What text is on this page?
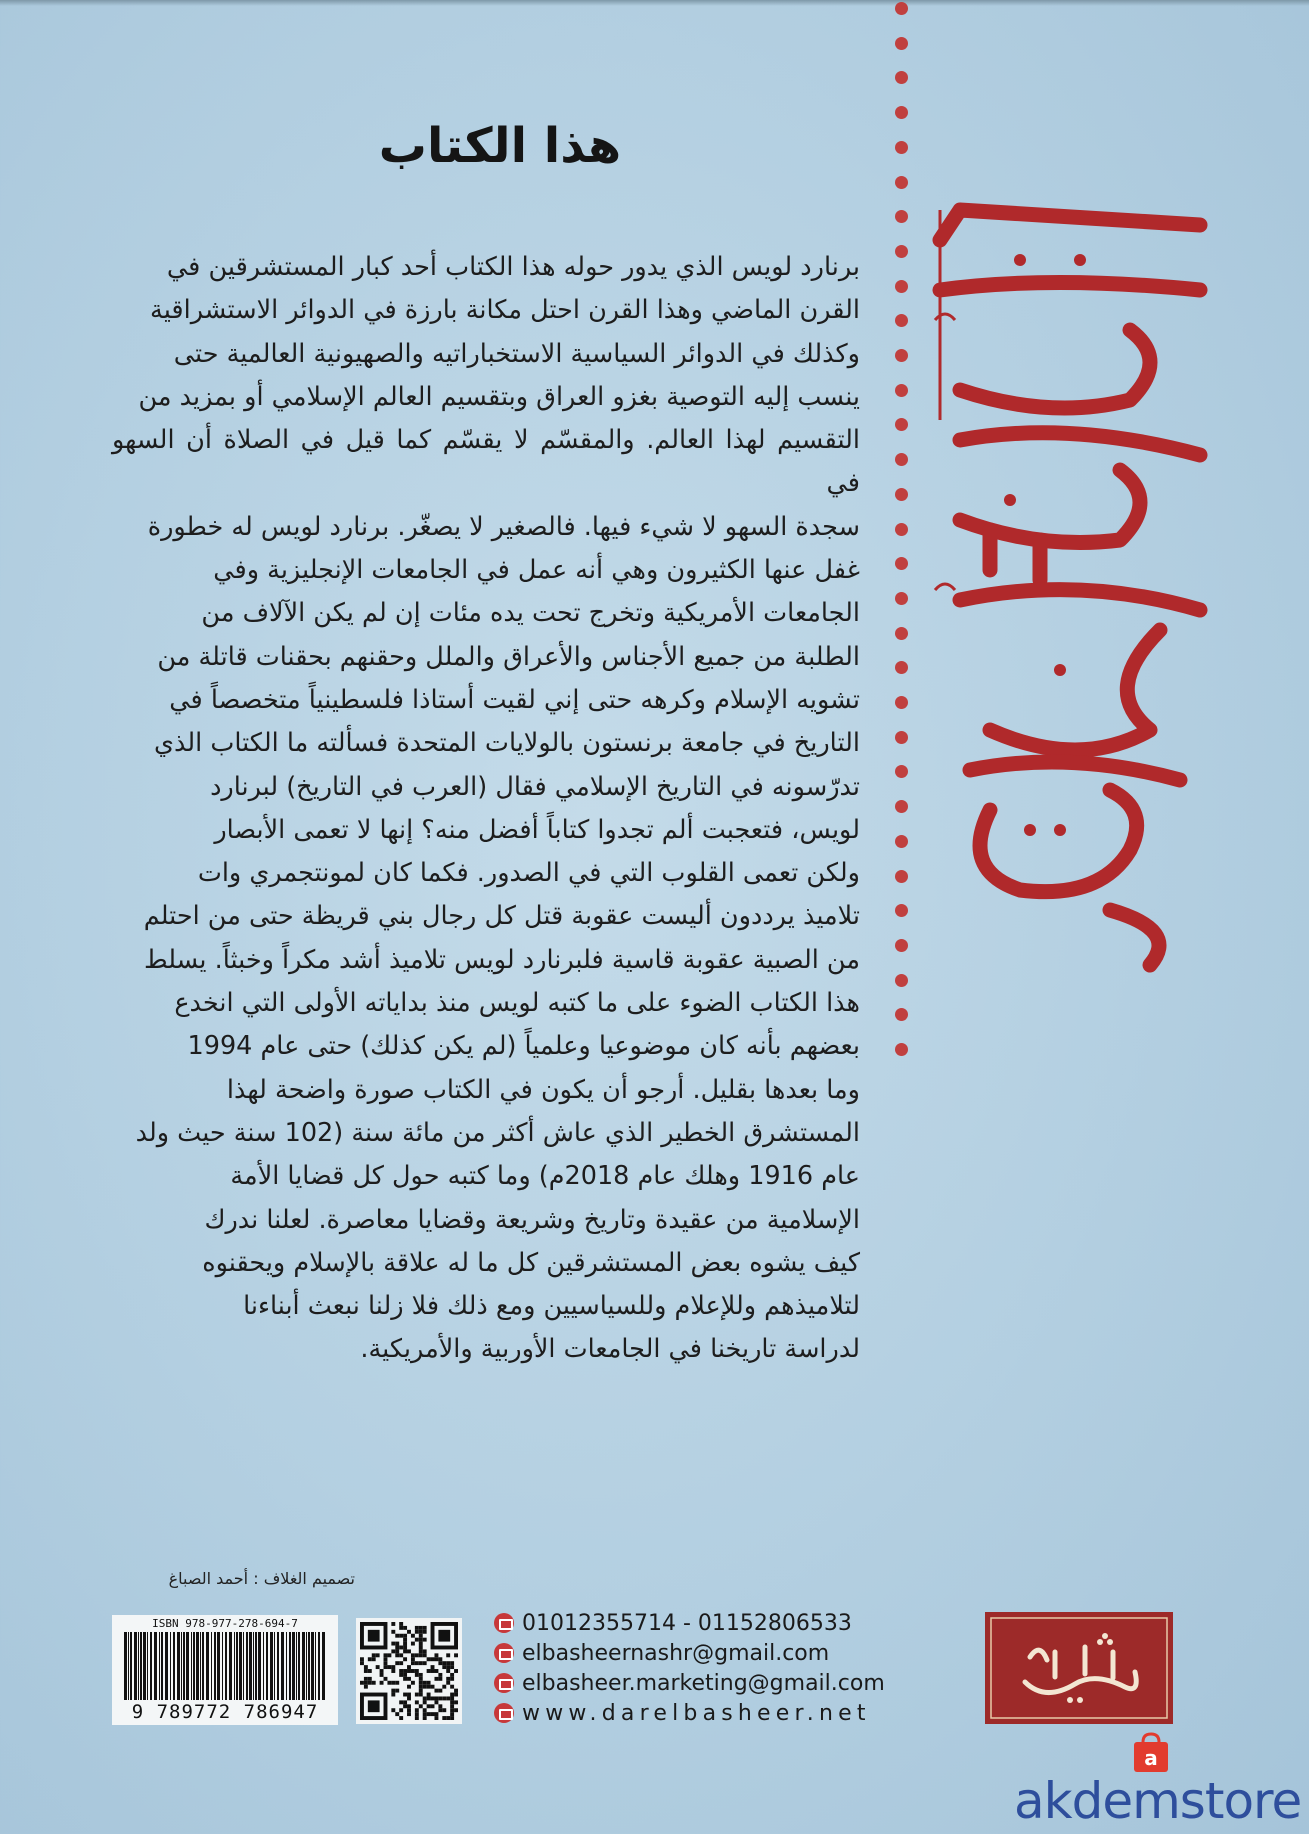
هذا الكتاب
برنارد لويس الذي يدور حوله هذا الكتاب أحد كبار المستشرقين في
القرن الماضي وهذا القرن احتل مكانة بارزة في الدوائر الاستشراقية
وكذلك في الدوائر السياسية الاستخباراتيه والصهيونية العالمية حتى
ينسب إليه التوصية بغزو العراق وبتقسيم العالم الإسلامي أو بمزيد من
التقسيم لهذا العالم. والمقسّم لا يقسّم كما قيل في الصلاة أن السهو في
سجدة السهو لا شيء فيها. فالصغير لا يصغّر. برنارد لويس له خطورة
غفل عنها الكثيرون وهي أنه عمل في الجامعات الإنجليزية وفي
الجامعات الأمريكية وتخرج تحت يده مئات إن لم يكن الآلاف من
الطلبة من جميع الأجناس والأعراق والملل وحقنهم بحقنات قاتلة من
تشويه الإسلام وكرهه حتى إني لقيت أستاذا فلسطينياً متخصصاً في
التاريخ في جامعة برنستون بالولايات المتحدة فسألته ما الكتاب الذي
تدرّسونه في التاريخ الإسلامي فقال (العرب في التاريخ) لبرنارد
لويس، فتعجبت ألم تجدوا كتاباً أفضل منه؟ إنها لا تعمى الأبصار
ولكن تعمى القلوب التي في الصدور. فكما كان لمونتجمري وات
تلاميذ يرددون أليست عقوبة قتل كل رجال بني قريظة حتى من احتلم
من الصبية عقوبة قاسية فلبرنارد لويس تلاميذ أشد مكراً وخبثاً. يسلط
هذا الكتاب الضوء على ما كتبه لويس منذ بداياته الأولى التي انخدع
بعضهم بأنه كان موضوعيا وعلمياً (لم يكن كذلك) حتى عام 1994
وما بعدها بقليل. أرجو أن يكون في الكتاب صورة واضحة لهذا
المستشرق الخطير الذي عاش أكثر من مائة سنة (102 سنة حيث ولد
عام 1916 وهلك عام 2018م) وما كتبه حول كل قضايا الأمة
الإسلامية من عقيدة وتاريخ وشريعة وقضايا معاصرة. لعلنا ندرك
كيف يشوه بعض المستشرقين كل ما له علاقة بالإسلام ويحقنوه
لتلاميذهم وللإعلام وللسياسيين ومع ذلك فلا زلنا نبعث أبناءنا
لدراسة تاريخنا في الجامعات الأوربية والأمريكية.
تصميم الغلاف : أحمد الصباغ
ISBN 978-977-278-694-7
9 789772 786947
01012355714 - 01152806533
elbasheernashr@gmail.com
elbasheer.marketing@gmail.com
www.darelbasheer.net
a
akdemstore
